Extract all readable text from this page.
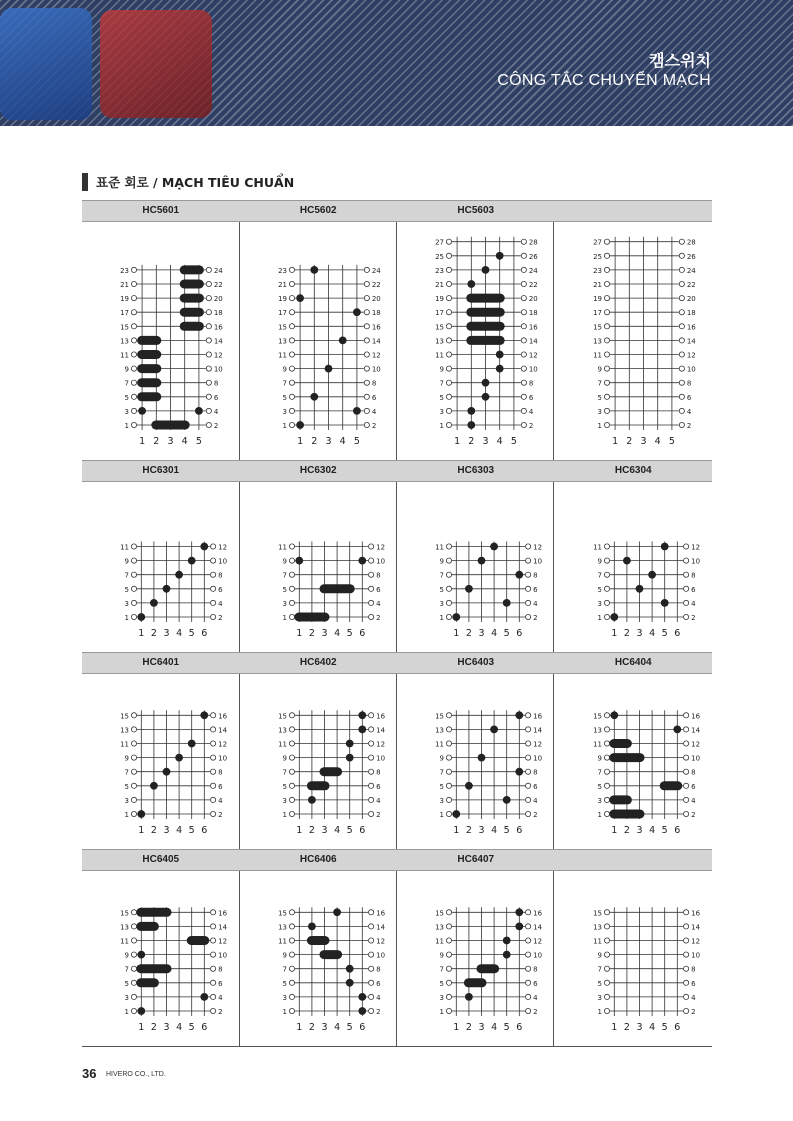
캠스위치
CÔNG TẮC CHUYỂN MẠCH
표준 회로 / MẠCH TIÊU CHUẨN
HC5601
1 2 3 4 5
1	2
3	4
5	6
7	8
9	10
11	12
13	14
15	16
17	18
19	20
21	22
23	24
HC5602
1 2 3 4 5
1	2
3	4
5	6
7	8
9	10
11	12
13	14
15	16
17	18
19	20
21	22
23	24
HC5603
1 2 3 4 5
1	2
3	4
5	6
7	8
9	10
11	12
13	14
15	16
17	18
19	20
21	22
23	24
25	26
27	28
1 2 3 4 5
1	2
3	4
5	6
7	8
9	10
11	12
13	14
15	16
17	18
19	20
21	22
23	24
25	26
27	28
HC6301
1 2 3 4 5 6
1	2
3	4
5	6
7	8
9	10
11	12
HC6302
1 2 3 4 5 6
1	2
3	4
5	6
7	8
9	10
11	12
HC6303
1 2 3 4 5 6
1	2
3	4
5	6
7	8
9	10
11	12
HC6304
1 2 3 4 5 6
1	2
3	4
5	6
7	8
9	10
11	12
HC6401
1 2 3 4 5 6
1	2
3	4
5	6
7	8
9	10
11	12
13	14
15	16
HC6402
1 2 3 4 5 6
1	2
3	4
5	6
7	8
9	10
11	12
13	14
15	16
HC6403
1 2 3 4 5 6
1	2
3	4
5	6
7	8
9	10
11	12
13	14
15	16
HC6404
1 2 3 4 5 6
1	2
3	4
5	6
7	8
9	10
11	12
13	14
15	16
HC6405
1 2 3 4 5 6
1	2
3	4
5	6
7	8
9	10
11	12
13	14
15	16
HC6406
1 2 3 4 5 6
1	2
3	4
5	6
7	8
9	10
11	12
13	14
15	16
HC6407
1 2 3 4 5 6
1	2
3	4
5	6
7	8
9	10
11	12
13	14
15	16
1 2 3 4 5 6
1	2
3	4
5	6
7	8
9	10
11	12
13	14
15	16
36 HIVERO CO., LTD.
